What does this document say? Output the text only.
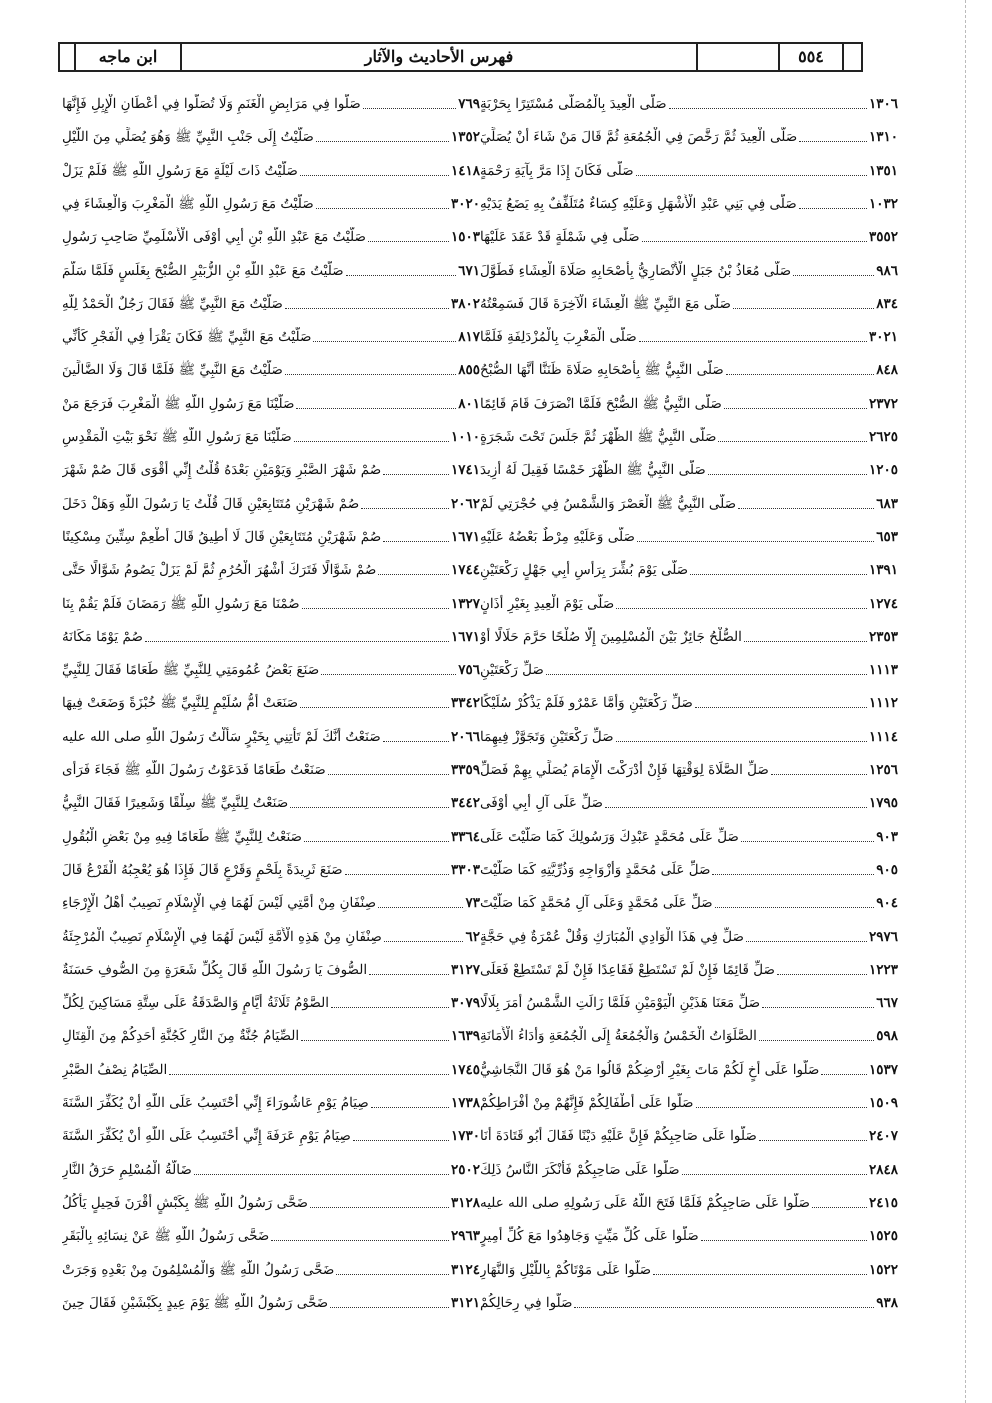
ابن ماجه	فهرس الأحاديث والآثار	٥٥٤
صَلَّى الْعِيدَ بِالْمُصَلَّى مُسْتَتِرًا بِحَرْبَةٍ	١٣٠٦
صَلَّى الْعِيدَ ثُمَّ رَخَّصَ فِي الْجُمُعَةِ ثُمَّ قَالَ مَنْ شَاءَ أَنْ يُصَلِّيَ	١٣١٠
صَلَّى فَكَانَ إِذَا مَرَّ بِآيَةِ رَحْمَةٍ	١٣٥١
صَلَّى فِي بَنِي عَبْدِ الْأَشْهَلِ وَعَلَيْهِ كِسَاءٌ مُتَلَفِّفٌ بِهِ يَضَعُ يَدَيْهِ	١٠٣٢
صَلَّى فِي شَمْلَةٍ قَدْ عَقَدَ عَلَيْهَا	٣٥٥٢
صَلَّى مُعَاذُ بْنُ جَبَلٍ الْأَنْصَارِيُّ بِأَصْحَابِهِ صَلَاةَ الْعِشَاءِ فَطَوَّلَ	٩٨٦
صَلَّى مَعَ النَّبِيِّ ﷺ الْعِشَاءَ الْآخِرَةَ قَالَ فَسَمِعْتُهُ	٨٣٤
صَلَّى الْمَغْرِبَ بِالْمُزْدَلِفَةِ فَلَمَّا	٣٠٢١
صَلَّى النَّبِيُّ ﷺ بِأَصْحَابِهِ صَلَاةَ ظَنَنَّا أَنَّهَا الصُّبْحُ	٨٤٨
صَلَّى النَّبِيُّ ﷺ الصُّبْحَ فَلَمَّا انْصَرَفَ قَامَ قَائِمًا	٢٣٧٢
صَلَّى النَّبِيُّ ﷺ الظُّهْرَ ثُمَّ جَلَسَ تَحْتَ شَجَرَةٍ	٢٦٢٥
صَلَّى النَّبِيُّ ﷺ الظُّهْرَ خَمْسًا فَقِيلَ لَهُ أَزِيدَ	١٢٠٥
صَلَّى النَّبِيُّ ﷺ الْعَصْرَ وَالشَّمْسُ فِي حُجْرَتِي لَمْ	٦٨٣
صَلَّى وَعَلَيْهِ مِرْطٌ بَعْضُهُ عَلَيْهِ	٦٥٣
صَلَّى يَوْمَ بُشِّرَ بِرَأْسِ أَبِي جَهْلٍ رَكْعَتَيْنِ	١٣٩١
صَلَّى يَوْمَ الْعِيدِ بِغَيْرِ أَذَانٍ	١٢٧٤
الصُّلْحُ جَائِزٌ بَيْنَ الْمُسْلِمِينَ إِلَّا صُلْحًا حَرَّمَ حَلَالًا أَوْ	٢٣٥٣
صَلِّ رَكْعَتَيْنِ	١١١٣
صَلِّ رَكْعَتَيْنِ وَأَمَّا عَمْرٌو فَلَمْ يَذْكُرْ سُلَيْكًا	١١١٢
صَلِّ رَكْعَتَيْنِ وَتَجَوَّزْ فِيهِمَا	١١١٤
صَلِّ الصَّلَاةَ لِوَقْتِهَا فَإِنْ أَدْرَكْتَ الْإِمَامَ يُصَلِّي بِهِمْ فَصَلِّ	١٢٥٦
صَلِّ عَلَى آلِ أَبِي أَوْفَى	١٧٩٥
صَلِّ عَلَى مُحَمَّدٍ عَبْدِكَ وَرَسُولِكَ كَمَا صَلَّيْتَ عَلَى	٩٠٣
صَلِّ عَلَى مُحَمَّدٍ وَأَزْوَاجِهِ وَذُرِّيَّتِهِ كَمَا صَلَّيْتَ	٩٠٥
صَلِّ عَلَى مُحَمَّدٍ وَعَلَى آلِ مُحَمَّدٍ كَمَا صَلَّيْتَ	٩٠٤
صَلِّ فِي هَذَا الْوَادِي الْمُبَارَكِ وَقُلْ عُمْرَةٌ فِي حَجَّةٍ	٢٩٧٦
صَلِّ قَائِمًا فَإِنْ لَمْ تَسْتَطِعْ فَقَاعِدًا فَإِنْ لَمْ تَسْتَطِعْ فَعَلَى	١٢٢٣
صَلِّ مَعَنَا هَذَيْنِ الْيَوْمَيْنِ فَلَمَّا زَالَتِ الشَّمْسُ أَمَرَ بِلَالًا	٦٦٧
الصَّلَوَاتُ الْخَمْسُ وَالْجُمُعَةُ إِلَى الْجُمُعَةِ وَأَدَاءُ الْأَمَانَةِ	٥٩٨
صَلُّوا عَلَى أَخٍ لَكُمْ مَاتَ بِغَيْرِ أَرْضِكُمْ قَالُوا مَنْ هُوَ قَالَ النَّجَاشِيُّ	١٥٣٧
صَلُّوا عَلَى أَطْفَالِكُمْ فَإِنَّهُمْ مِنْ أَفْرَاطِكُمْ	١٥٠٩
صَلُّوا عَلَى صَاحِبِكُمْ فَإِنَّ عَلَيْهِ دَيْنًا فَقَالَ أَبُو قَتَادَةَ أَنَا	٢٤٠٧
صَلُّوا عَلَى صَاحِبِكُمْ فَأَنْكَرَ النَّاسُ ذَلِكَ	٢٨٤٨
صَلُّوا عَلَى صَاحِبِكُمْ فَلَمَّا فَتَحَ اللَّهُ عَلَى رَسُولِهِ صلى الله عليه	٢٤١٥
صَلُّوا عَلَى كُلِّ مَيِّتٍ وَجَاهِدُوا مَعَ كُلِّ أَمِيرٍ	١٥٢٥
صَلُّوا عَلَى مَوْتَاكُمْ بِاللَّيْلِ وَالنَّهَارِ	١٥٢٢
صَلُّوا فِي رِحَالِكُمْ	٩٣٨
صَلُّوا فِي مَرَابِضِ الْغَنَمِ وَلَا تُصَلُّوا فِي أَعْطَانِ الْإِبِلِ فَإِنَّهَا	٧٦٩
صَلَّيْتُ إِلَى جَنْبِ النَّبِيِّ ﷺ وَهُوَ يُصَلِّي مِنَ اللَّيْلِ	١٣٥٢
صَلَّيْتُ ذَاتَ لَيْلَةٍ مَعَ رَسُولِ اللَّهِ ﷺ فَلَمْ يَزَلْ	١٤١٨
صَلَّيْتُ مَعَ رَسُولِ اللَّهِ ﷺ الْمَغْرِبَ وَالْعِشَاءَ فِي	٣٠٢٠
صَلَّيْتُ مَعَ عَبْدِ اللَّهِ بْنِ أَبِي أَوْفَى الْأَسْلَمِيِّ صَاحِبِ رَسُولِ	١٥٠٣
صَلَّيْتُ مَعَ عَبْدِ اللَّهِ بْنِ الزُّبَيْرِ الصُّبْحَ بِغَلَسٍ فَلَمَّا سَلَّمَ	٦٧١
صَلَّيْتُ مَعَ النَّبِيِّ ﷺ فَقَالَ رَجُلٌ الْحَمْدُ لِلَّهِ	٣٨٠٢
صَلَّيْتُ مَعَ النَّبِيِّ ﷺ فَكَانَ يَقْرَأُ فِي الْفَجْرِ كَأَنِّي	٨١٧
صَلَّيْتُ مَعَ النَّبِيِّ ﷺ فَلَمَّا قَالَ وَلَا الضَّالِّينَ	٨٥٥
صَلَّيْنَا مَعَ رَسُولِ اللَّهِ ﷺ الْمَغْرِبَ فَرَجَعَ مَنْ	٨٠١
صَلَّيْنَا مَعَ رَسُولِ اللَّهِ ﷺ نَحْوَ بَيْتِ الْمَقْدِسِ	١٠١٠
صُمْ شَهْرَ الصَّبْرِ وَيَوْمَيْنِ بَعْدَهُ قُلْتُ إِنِّي أَقْوَى قَالَ صُمْ شَهْرَ	١٧٤١
صُمْ شَهْرَيْنِ مُتَتَابِعَيْنِ قَالَ قُلْتُ يَا رَسُولَ اللَّهِ وَهَلْ دَخَلَ	٢٠٦٢
صُمْ شَهْرَيْنِ مُتَتَابِعَيْنِ قَالَ لَا أُطِيقُ قَالَ أَطْعِمْ سِتِّينَ مِسْكِينًا	١٦٧١
صُمْ شَوَّالًا فَتَرَكَ أَشْهُرَ الْحُرُمِ ثُمَّ لَمْ يَزَلْ يَصُومُ شَوَّالًا حَتَّى	١٧٤٤
صُمْنَا مَعَ رَسُولِ اللَّهِ ﷺ رَمَضَانَ فَلَمْ يَقُمْ بِنَا	١٣٢٧
صُمْ يَوْمًا مَكَانَهُ	١٦٧١
صَنَعَ بَعْضُ عُمُومَتِي لِلنَّبِيِّ ﷺ طَعَامًا فَقَالَ لِلنَّبِيِّ	٧٥٦
صَنَعَتْ أُمُّ سُلَيْمٍ لِلنَّبِيِّ ﷺ خُبْزَةً وَضَعَتْ فِيهَا	٣٣٤٢
صَنَعْتُ أَنَّكَ لَمْ تَأْتِنِي بِخَيْرٍ سَأَلْتُ رَسُولَ اللَّهِ صلى الله عليه	٢٠٦٦
صَنَعْتُ طَعَامًا فَدَعَوْتُ رَسُولَ اللَّهِ ﷺ فَجَاءَ فَرَأَى	٣٣٥٩
صَنَعْتُ لِلنَّبِيِّ ﷺ سِلْقًا وَشَعِيرًا فَقَالَ النَّبِيُّ	٣٤٤٢
صَنَعْتُ لِلنَّبِيِّ ﷺ طَعَامًا فِيهِ مِنْ بَعْضِ الْبُقُولِ	٣٣٦٤
صَنَعَ ثَرِيدَةً بِلَحْمٍ وَقَرْعٍ قَالَ فَإِذَا هُوَ يُعْجِبُهُ الْقَرْعُ قَالَ	٣٣٠٣
صِنْفَانِ مِنْ أُمَّتِي لَيْسَ لَهُمَا فِي الْإِسْلَامِ نَصِيبٌ أَهْلُ الْإِرْجَاءِ	٧٣
صِنْفَانِ مِنْ هَذِهِ الْأُمَّةِ لَيْسَ لَهُمَا فِي الْإِسْلَامِ نَصِيبٌ الْمُرْجِئَةُ	٦٢
الصُّوفَ يَا رَسُولَ اللَّهِ قَالَ بِكُلِّ شَعَرَةٍ مِنَ الصُّوفِ حَسَنَةٌ	٣١٢٧
الصَّوْمُ ثَلَاثَةُ أَيَّامٍ وَالصَّدَقَةُ عَلَى سِتَّةِ مَسَاكِينَ لِكُلِّ	٣٠٧٩
الصِّيَامُ جُنَّةٌ مِنَ النَّارِ كَجُنَّةِ أَحَدِكُمْ مِنَ الْقِتَالِ	١٦٣٩
الصِّيَامُ نِصْفُ الصَّبْرِ	١٧٤٥
صِيَامُ يَوْمِ عَاشُورَاءَ إِنِّي أَحْتَسِبُ عَلَى اللَّهِ أَنْ يُكَفِّرَ السَّنَةَ	١٧٣٨
صِيَامُ يَوْمِ عَرَفَةَ إِنِّي أَحْتَسِبُ عَلَى اللَّهِ أَنْ يُكَفِّرَ السَّنَةَ	١٧٣٠
ضَالَّةُ الْمُسْلِمِ حَرَقُ النَّارِ	٢٥٠٢
ضَحَّى رَسُولُ اللَّهِ ﷺ بِكَبْشٍ أَقْرَنَ فَحِيلٍ يَأْكُلُ	٣١٢٨
ضَحَّى رَسُولُ اللَّهِ ﷺ عَنْ نِسَائِهِ بِالْبَقَرِ	٢٩٦٣
ضَحَّى رَسُولُ اللَّهِ ﷺ وَالْمُسْلِمُونَ مِنْ بَعْدِهِ وَجَرَتْ	٣١٢٤
ضَحَّى رَسُولُ اللَّهِ ﷺ يَوْمَ عِيدٍ بِكَبْشَيْنِ فَقَالَ حِينَ	٣١٢١
